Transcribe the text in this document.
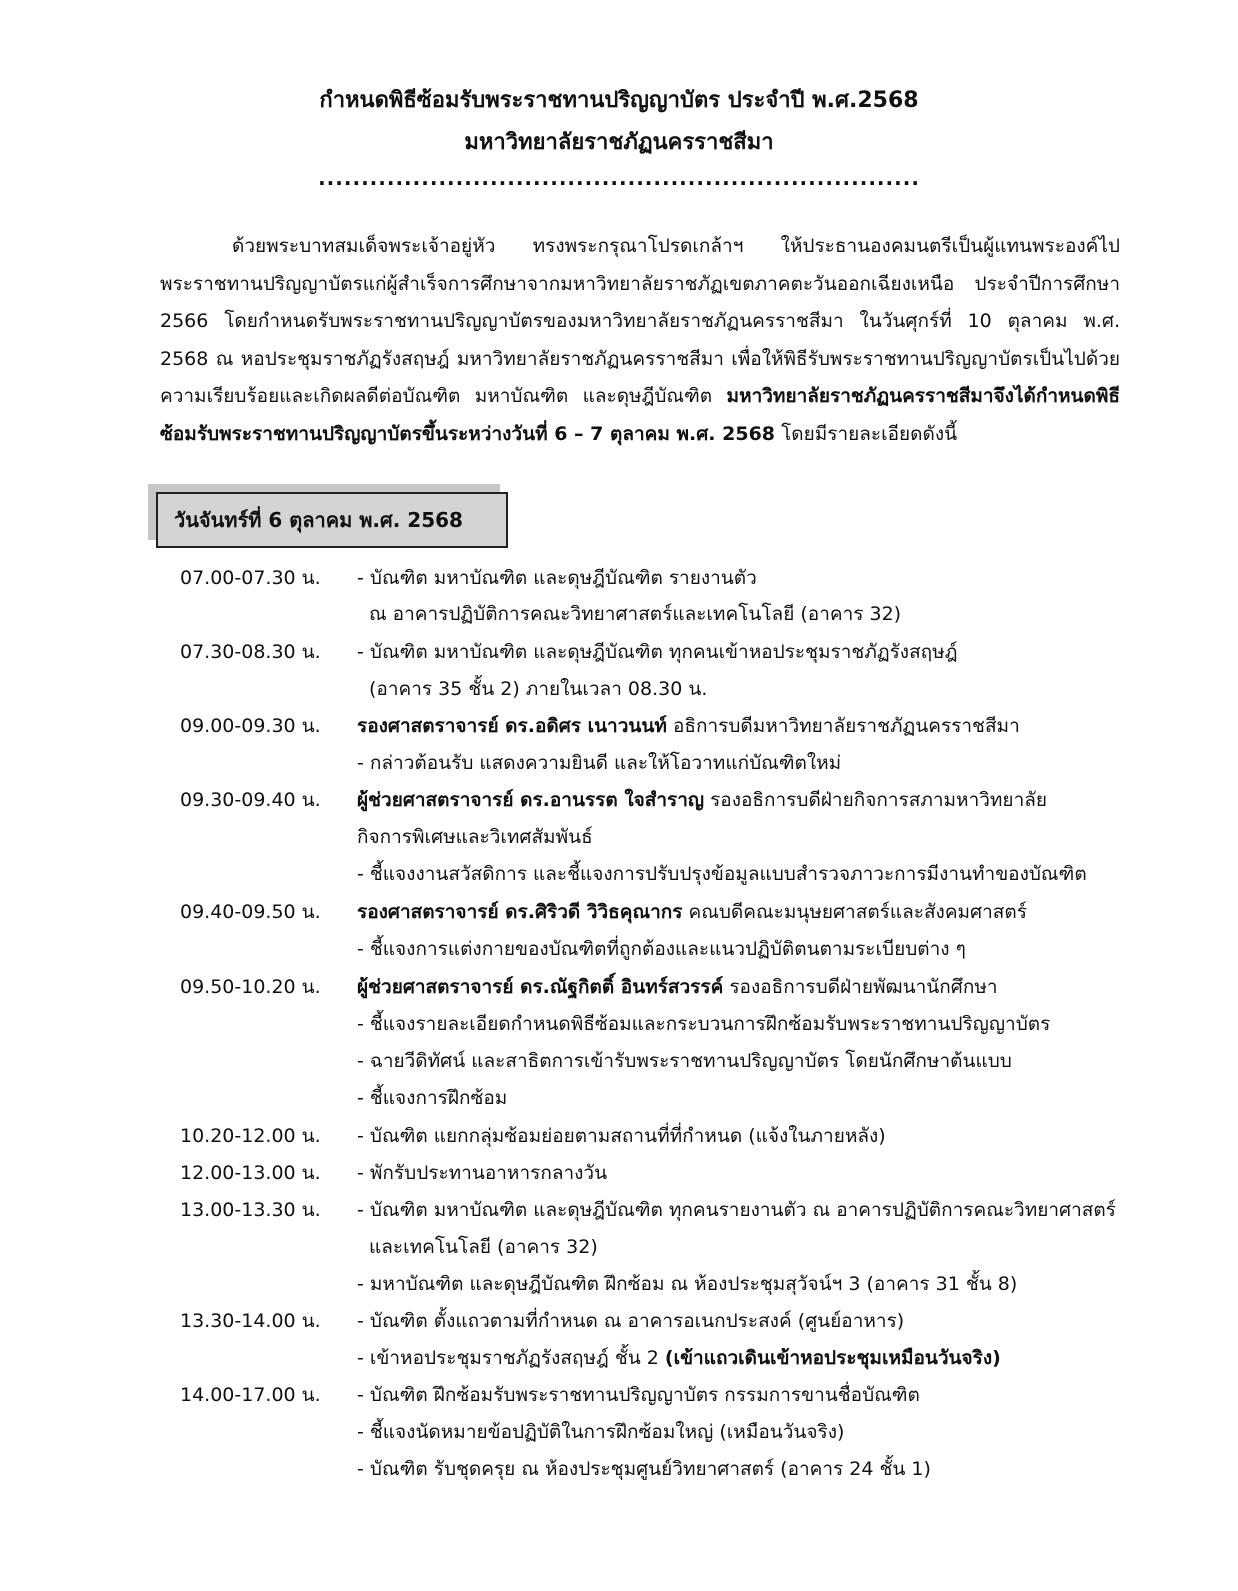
กำหนดพิธีซ้อมรับพระราชทานปริญญาบัตร ประจำปี พ.ศ.2568
มหาวิทยาลัยราชภัฏนครราชสีมา
......................................................................
ด้วยพระบาทสมเด็จพระเจ้าอยู่หัว ทรงพระกรุณาโปรดเกล้าฯ ให้ประธานองคมนตรีเป็นผู้แทนพระองค์ไปพระราชทานปริญญาบัตรแก่ผู้สำเร็จการศึกษาจากมหาวิทยาลัยราชภัฏเขตภาคตะวันออกเฉียงเหนือ ประจำปีการศึกษา 2566 โดยกำหนดรับพระราชทานปริญญาบัตรของมหาวิทยาลัยราชภัฏนครราชสีมา ในวันศุกร์ที่ 10 ตุลาคม พ.ศ. 2568 ณ หอประชุมราชภัฏรังสฤษฎ์ มหาวิทยาลัยราชภัฏนครราชสีมา เพื่อให้พิธีรับพระราชทานปริญญาบัตรเป็นไปด้วยความเรียบร้อยและเกิดผลดีต่อบัณฑิต มหาบัณฑิต และดุษฎีบัณฑิต มหาวิทยาลัยราชภัฏนครราชสีมาจึงได้กำหนดพิธีซ้อมรับพระราชทานปริญญาบัตรขึ้นระหว่างวันที่ 6 – 7 ตุลาคม พ.ศ. 2568 โดยมีรายละเอียดดังนี้
วันจันทร์ที่ 6 ตุลาคม พ.ศ. 2568
07.00-07.30 น. - บัณฑิต มหาบัณฑิต และดุษฎีบัณฑิต รายงานตัว
ณ อาคารปฏิบัติการคณะวิทยาศาสตร์และเทคโนโลยี (อาคาร 32)
07.30-08.30 น. - บัณฑิต มหาบัณฑิต และดุษฎีบัณฑิต ทุกคนเข้าหอประชุมราชภัฏรังสฤษฎ์
(อาคาร 35 ชั้น 2) ภายในเวลา 08.30 น.
09.00-09.30 น. รองศาสตราจารย์ ดร.อดิศร เนาวนนท์ อธิการบดีมหาวิทยาลัยราชภัฏนครราชสีมา
- กล่าวต้อนรับ แสดงความยินดี และให้โอวาทแก่บัณฑิตใหม่
09.30-09.40 น. ผู้ช่วยศาสตราจารย์ ดร.อานรรต ใจสำราญ รองอธิการบดีฝ่ายกิจการสภามหาวิทยาลัย
กิจการพิเศษและวิเทศสัมพันธ์
- ชี้แจงงานสวัสดิการ และชี้แจงการปรับปรุงข้อมูลแบบสำรวจภาวะการมีงานทำของบัณฑิต
09.40-09.50 น. รองศาสตราจารย์ ดร.ศิริวดี วิวิธคุณากร คณบดีคณะมนุษยศาสตร์และสังคมศาสตร์
- ชี้แจงการแต่งกายของบัณฑิตที่ถูกต้องและแนวปฏิบัติตนตามระเบียบต่าง ๆ
09.50-10.20 น. ผู้ช่วยศาสตราจารย์ ดร.ณัฐกิตติ์ อินทร์สวรรค์ รองอธิการบดีฝ่ายพัฒนานักศึกษา
- ชี้แจงรายละเอียดกำหนดพิธีซ้อมและกระบวนการฝึกซ้อมรับพระราชทานปริญญาบัตร
- ฉายวีดิทัศน์ และสาธิตการเข้ารับพระราชทานปริญญาบัตร โดยนักศึกษาต้นแบบ
- ชี้แจงการฝึกซ้อม
10.20-12.00 น. - บัณฑิต แยกกลุ่มซ้อมย่อยตามสถานที่ที่กำหนด (แจ้งในภายหลัง)
12.00-13.00 น. - พักรับประทานอาหารกลางวัน
13.00-13.30 น. - บัณฑิต มหาบัณฑิต และดุษฎีบัณฑิต ทุกคนรายงานตัว ณ อาคารปฏิบัติการคณะวิทยาศาสตร์
และเทคโนโลยี (อาคาร 32)
- มหาบัณฑิต และดุษฎีบัณฑิต ฝึกซ้อม ณ ห้องประชุมสุวัจน์ฯ 3 (อาคาร 31 ชั้น 8)
13.30-14.00 น. - บัณฑิต ตั้งแถวตามที่กำหนด ณ อาคารอเนกประสงค์ (ศูนย์อาหาร)
- เข้าหอประชุมราชภัฏรังสฤษฎ์ ชั้น 2 (เข้าแถวเดินเข้าหอประชุมเหมือนวันจริง)
14.00-17.00 น. - บัณฑิต ฝึกซ้อมรับพระราชทานปริญญาบัตร กรรมการขานชื่อบัณฑิต
- ชี้แจงนัดหมายข้อปฏิบัติในการฝึกซ้อมใหญ่ (เหมือนวันจริง)
- บัณฑิต รับชุดครุย ณ ห้องประชุมศูนย์วิทยาศาสตร์ (อาคาร 24 ชั้น 1)
